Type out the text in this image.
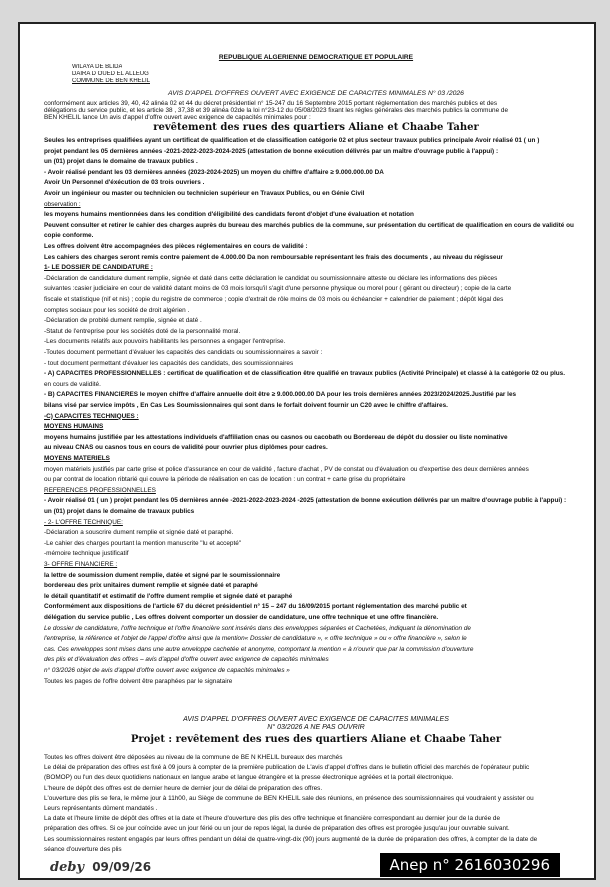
REPUBLIQUE ALGERIENNE DEMOCRATIQUE ET POPULAIRE
WILAYA DE BLIDA
DAIRA D OUED EL ALLEUG
COMMUNE DE BEN KHELIL
AVIS D'APPEL D'OFFRES OUVERT AVEC EXIGENCE DE CAPACITES MINIMALES N° 03 /2026
conformément aux articles 39, 40, 42 alinéa 02 et 44 du décret présidentiel n° 15-247 du 16 Septembre 2015 portant réglementation des marchés publics et des
délégations du service public, et les article 38 , 37,38 et 39 alinéa 02de la loi n°23-12 du 05/08/2023 fixant les régles générales des marchés publics la commune de
BEN KHELIL lance Un avis d'appel d'offre ouvert avec exigence de capacités minimales pour :
revêtement des rues des quartiers Aliane et Chaabe Taher
Seules les entreprises qualifiées ayant un certificat de qualification et de classification catégorie 02 et plus secteur travaux publics principale Avoir réalisé 01 ( un )
projet pendant les 05 dernières années -2021-2022-2023-2024-2025 (attestation de bonne exécution délivrés par un maître d'ouvrage public à l'appui) :
un (01) projet dans le domaine de travaux publics .
- Avoir réalisé pendant les 03 dernières années (2023-2024-2025) un moyen du chiffre d'affaire ≥ 9.000.000.00 DA
Avoir Un Personnel d'éxécution de 03 trois ouvriers .
Avoir un ingénieur ou master ou technicien ou technicien supérieur en Travaux Publics, ou en Génie Civil
observation :
les moyens humains mentionnées dans les condition d'éligibilité des candidats feront d'objet d'une évaluation et notation
Peuvent consulter et retirer le cahier des charges auprès du bureau des marchés publics de la commune, sur présentation du certificat de qualification en cours de validité ou
copie conforme.
Les offres doivent être accompagnées des pièces réglementaires en cours de validité :
Les cahiers des charges seront remis contre paiement de 4.000.00 Da non remboursable représentant les frais des documents , au niveau du régisseur
1- LE DOSSIER DE CANDIDATURE :
-Déclaration de candidature dument remplie, signée et daté dans cette déclaration le candidat ou soumissionnaire atteste ou déclare les informations des pièces
suivantes :casier judiciaire en cour de validité datant moins de 03 mois lorsqu'il s'agit d'une personne physique ou morel pour ( gérant ou directeur) ; copie de la carte
fiscale et statistique (nif et nis) ; copie du registre de commerce ; copie d'extrait de rôle moins de 03 mois ou échéancier + calendrier de paiement ; dépôt légal des
comptes sociaux pour les société de droit algérien .
-Déclaration de probité dument remplie, signée et daté .
-Statut de l'entreprise pour les sociétés doté de la personnalité moral.
-Les documents relatifs aux pouvoirs habilitants les personnes a engager l'entreprise.
-Toutes document permettant d'évaluer les capacités des candidats ou soumissionnaires a savoir :
- tout document permettant d'évaluer les capacités des candidats, des soumissionnaires
- A) CAPACITES PROFESSIONNELLES : certificat de qualification et de classification être qualifié en travaux publics (Activité Principale) et classé à la catégorie 02 ou plus.
en cours de validité.
- B) CAPACITES FINANCIERES le moyen chiffre d'affaire annuelle doit être ≥ 9.000.000.00 DA pour les trois dernières années 2023/2024/2025.Justifié par les
bilans visé par service impôts , En Cas Les Soumissionnaires qui sont dans le forfait doivent fournir un C20 avec le chiffre d'affaires.
-C) CAPACITES TECHNIQUES :
MOYENS HUMAINS
moyens humains justifiée par les attestations individuels d'affiliation cnas ou casnos ou cacobath ou Bordereau de dépôt du dossier ou liste nominative
au niveau CNAS ou casnos tous en cours de validité pour ouvrier plus diplômes pour cadres.
MOYENS MATERIELS
moyen matériels justifiés par carte grise et police d'assurance en cour de validité , facture d'achat , PV de constat ou d'évaluation ou d'expertise des deux dernières années
ou par contrat de location ribtarié qui couvre la période de réalisation en cas de location : un contrat + carte grise du propriétaire
REFERENCES PROFESSIONNELLES
- Avoir réalisé 01 ( un ) projet pendant les 05 dernières année -2021-2022-2023-2024 -2025 (attestation de bonne exécution délivrés par un maître d'ouvrage public à l'appui) :
un (01) projet dans le domaine de travaux publics
- 2- L'OFFRE TECHNIQUE:
-Déclaration a souscrire dument remplie et signée daté et paraphé.
-Le cahier des charges pourtant la mention manuscrite "lu et accepté"
-mémoire technique justificatif
3- OFFRE FINANCIERE :
la lettre de soumission dument remplie, datée et signé par le soumissionnaire
bordereau des prix unitaires dument remplie et signée daté et paraphé
le détail quantitatif et estimatif de l'offre dument remplie et signée daté et paraphé
Conformément aux dispositions de l'article 67 du décret présidentiel n° 15 – 247 du 16/09/2015 portant réglementation des marché public et
délégation du service public , Les offres doivent comporter un dossier de candidature, une offre technique et une offre financière.
Le dossier de candidature, l'offre technique et l'offre financière sont insérés dans des enveloppes séparées et Cachetées, indiquant la dénomination de
l'entreprise, la référence et l'objet de l'appel d'offre ainsi que la mention« Dossier de candidature », « offre technique » ou « offre financière », selon le
cas. Ces enveloppes sont mises dans une autre enveloppe cachetée et anonyme, comportant la mention « à n'ouvrir que par la commission d'ouverture
des plis et d'évaluation des offres – avis d'appel d'offre ouvert avec exigence de capacités minimales
n° 03/2026 objet de avis d'appel d'offre ouvert avec exigence de capacités minimales »
Toutes les pages de l'offre doivent être paraphées par le signataire
AVIS D'APPEL D'OFFRES OUVERT AVEC EXIGENCE DE CAPACITES MINIMALES
N° 03/2026 A NE PAS OUVRIR
Projet : revêtement des rues des quartiers Aliane et Chaabe Taher
Toutes les offres doivent être déposées au niveau de la commune de BE N KHELIL bureaux des marchés
Le délai de préparation des offres est fixé à 09 jours à compter de la première publication de L'avis d'appel d'offres dans le bulletin officiel des marchés de l'opérateur public
(BOMOP) ou l'un des deux quotidiens nationaux en langue arabe et langue étrangère et la presse électronique agréées et la portail électronique.
L'heure de dépôt des offres est de dernier heure de dernier jour de délai de préparation des offres.
L'ouverture des plis se fera, le même jour à 11h00, au Siège de commune de BEN KHELIL sale des réunions, en présence des soumissionnaires qui voudraient y assister ou
Leurs représentants dûment mandatés .
La date et l'heure limite de dépôt des offres et la date et l'heure d'ouverture des plis des offre technique et financière correspondant au dernier jour de la durée de
préparation des offres. Si ce jour coïncide avec un jour férié ou un jour de repos légal, la durée de préparation des offres est prorogée jusqu'au jour ouvrable suivant.
Les soumissionnaires restent engagés par leurs offres pendant un délai de quatre-vingt-dix (90) jours augmenté de la durée de préparation des offres, à compter de la date de
séance d'ouverture des plis
deby 09/09/26	Anep n° 2616030296
